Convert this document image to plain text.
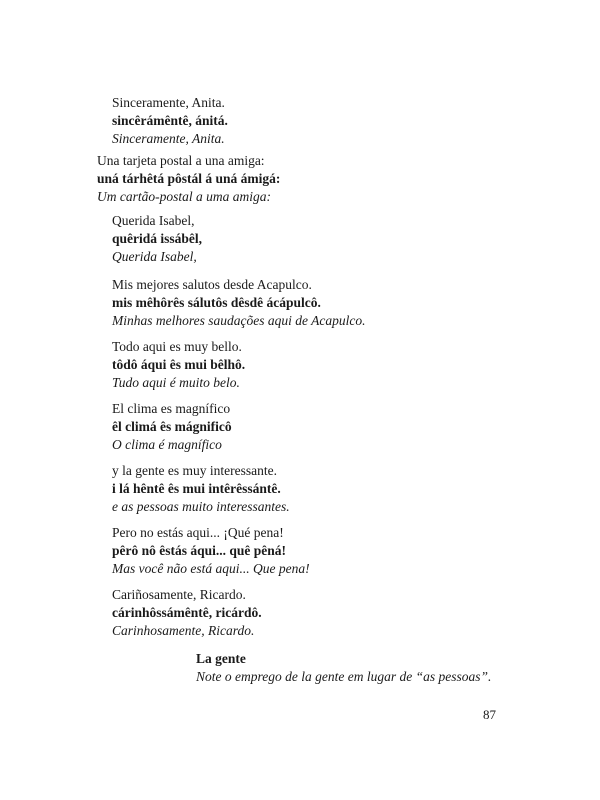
Sinceramente, Anita.
sincêrámêntê, ánitá.
Sinceramente, Anita.
Una tarjeta postal a una amiga:
uná tárhêtá pôstál á uná ámigá:
Um cartão-postal a uma amiga:
Querida Isabel,
quêridá issábêl,
Querida Isabel,
Mis mejores salutos desde Acapulco.
mis mêhôrês sálutôs dêsdê ácápulcô.
Minhas melhores saudações aqui de Acapulco.
Todo aqui es muy bello.
tôdô áqui ês mui bêlhô.
Tudo aqui é muito belo.
El clima es magnífico
êl climá ês mágnificô
O clima é magnífico
y la gente es muy interessante.
i lá hêntê ês mui intêrêssántê.
e as pessoas muito interessantes.
Pero no estás aqui... ¡Qué pena!
pêrô nô êstás áqui... quê pêná!
Mas você não está aqui... Que pena!
Cariñosamente, Ricardo.
cárinhôssámêntê, ricárdô.
Carinhosamente, Ricardo.
La gente
Note o emprego de la gente em lugar de “as pessoas”.
87
